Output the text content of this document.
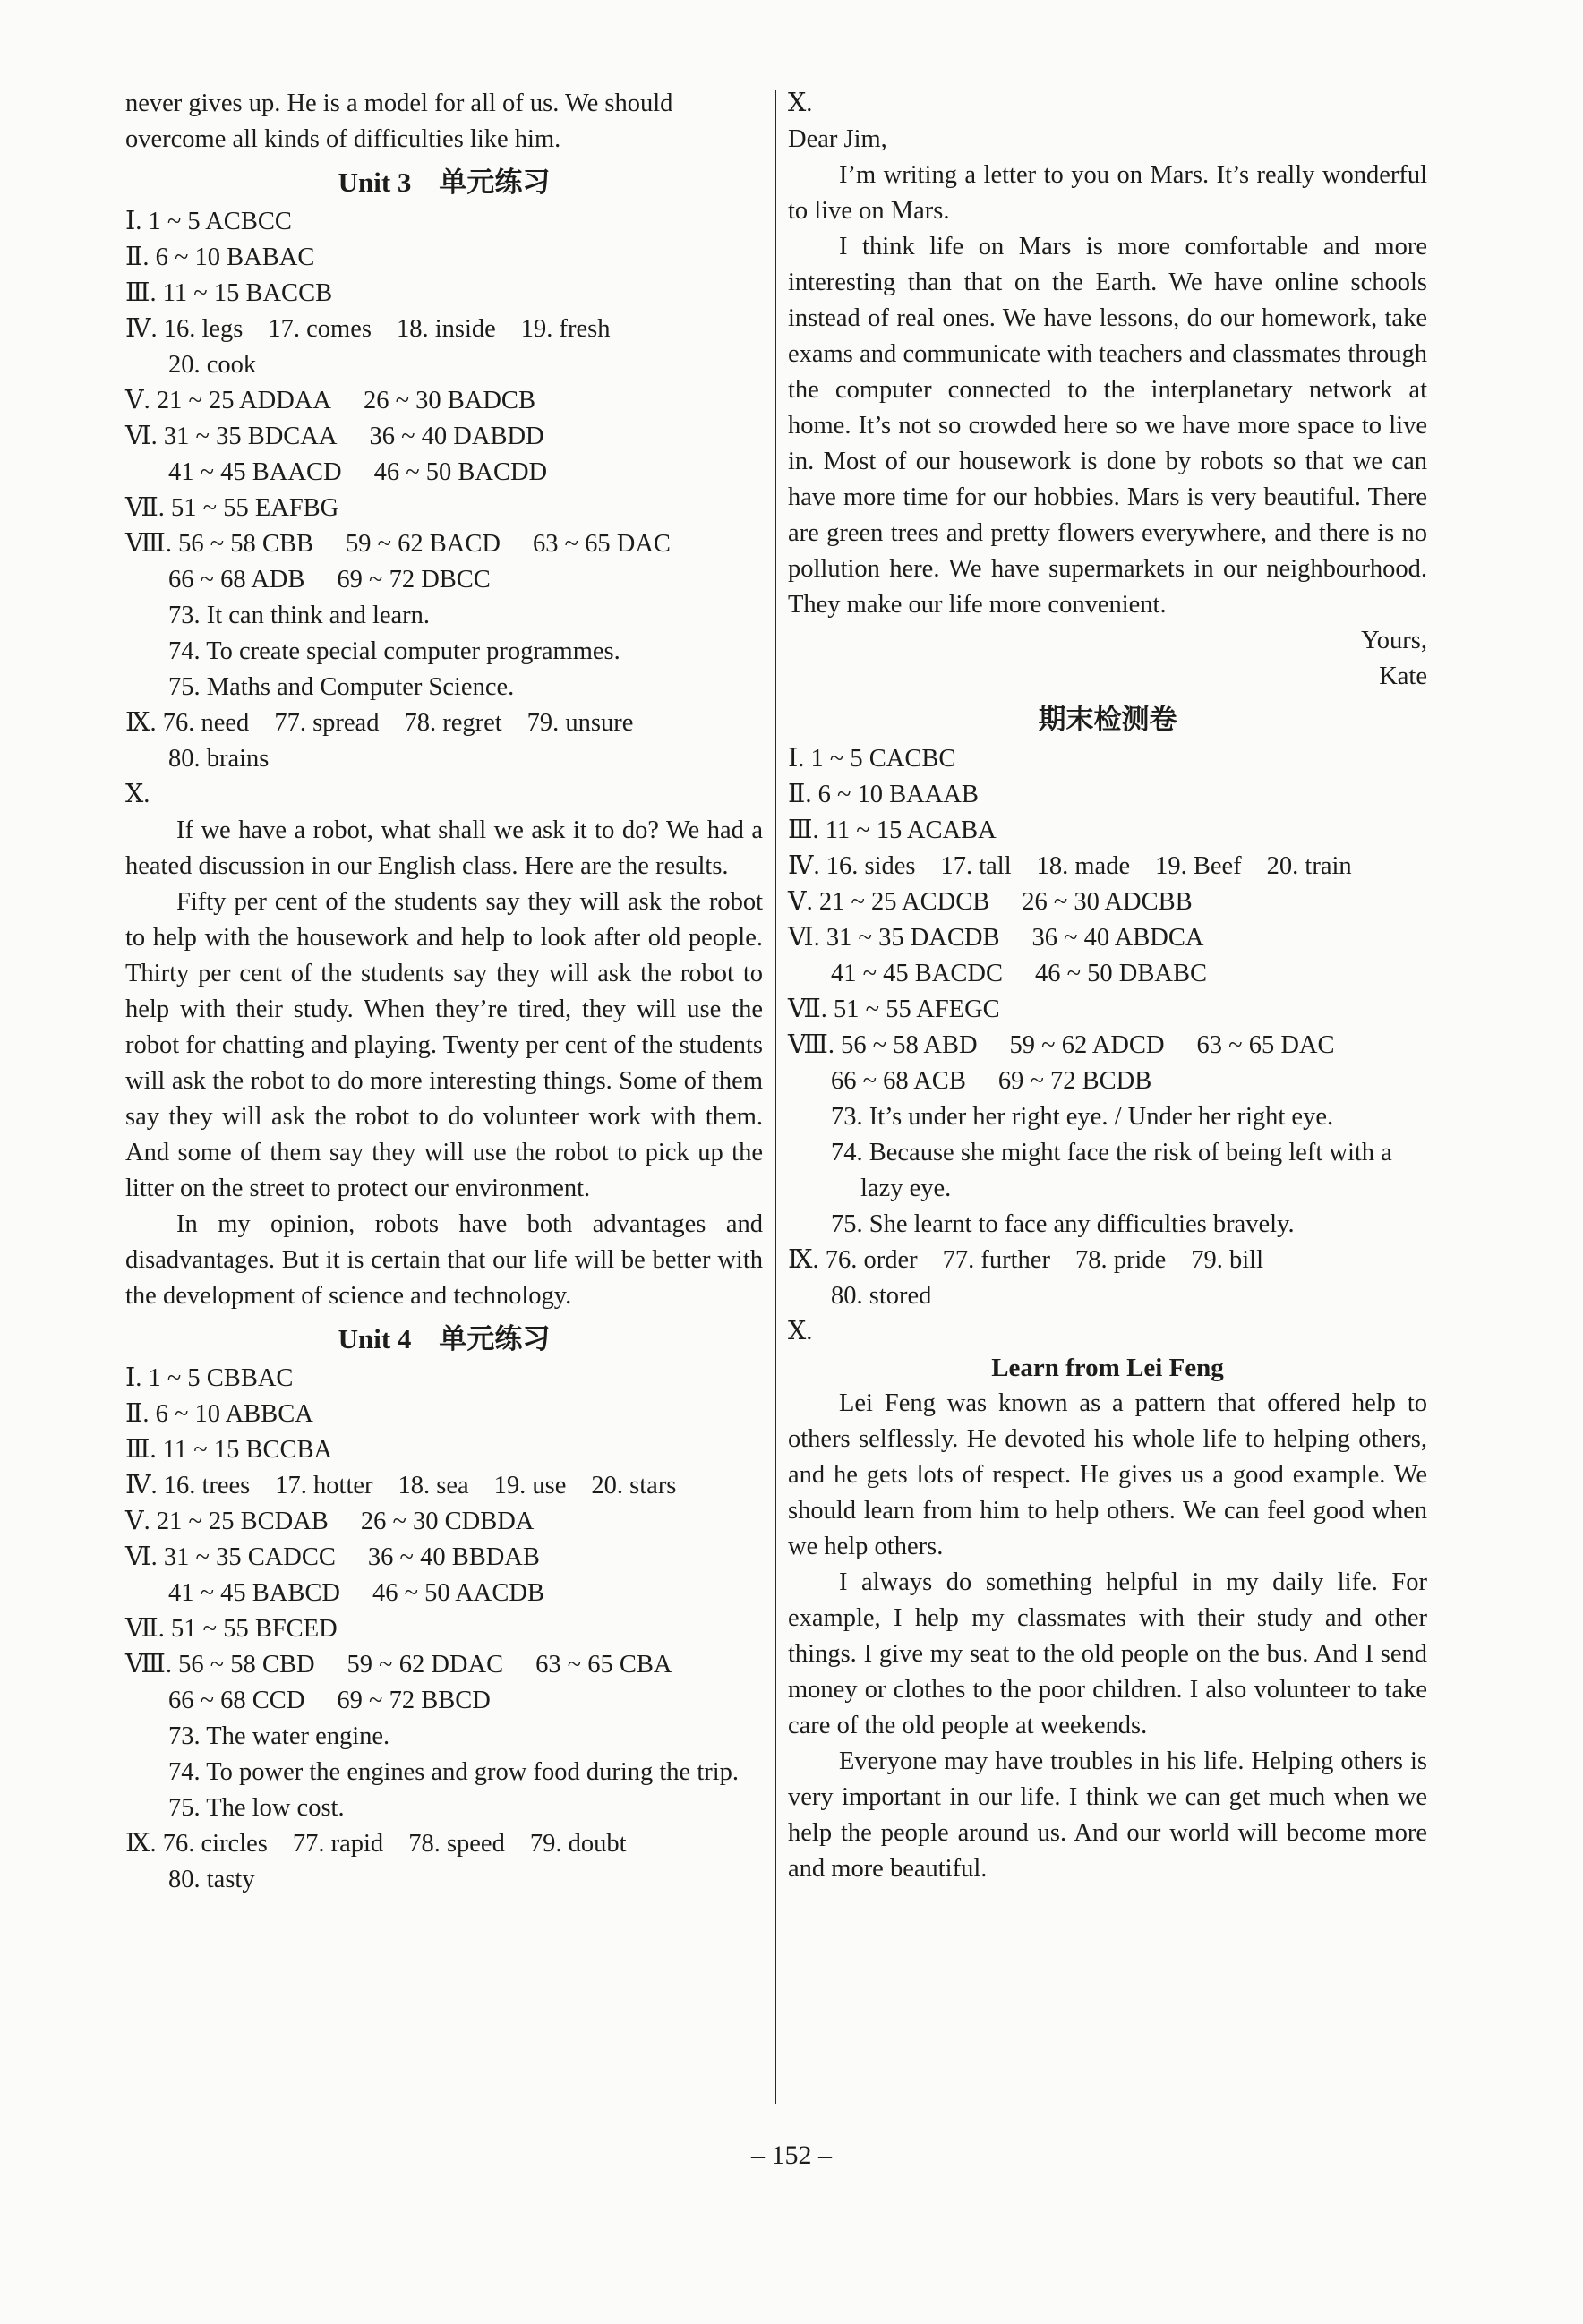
never gives up. He is a model for all of us. We should
overcome all kinds of difficulties like him.
Unit 3　单元练习
Ⅰ. 1 ~ 5 ACBCC
Ⅱ. 6 ~ 10 BABAC
Ⅲ. 11 ~ 15 BACCB
Ⅳ. 16. legs 17. comes 18. inside 19. fresh
20. cook
Ⅴ. 21 ~ 25 ADDAA 26 ~ 30 BADCB
Ⅵ. 31 ~ 35 BDCAA 36 ~ 40 DABDD
41 ~ 45 BAACD 46 ~ 50 BACDD
Ⅶ. 51 ~ 55 EAFBG
Ⅷ. 56 ~ 58 CBB 59 ~ 62 BACD 63 ~ 65 DAC
66 ~ 68 ADB 69 ~ 72 DBCC
73. It can think and learn.
74. To create special computer programmes.
75. Maths and Computer Science.
Ⅸ. 76. need 77. spread 78. regret 79. unsure
80. brains
Ⅹ.
If we have a robot, what shall we ask it to do? We had a heated discussion in our English class. Here are the results.
Fifty per cent of the students say they will ask the robot to help with the housework and help to look after old people. Thirty per cent of the students say they will ask the robot to help with their study. When they’re tired, they will use the robot for chatting and playing. Twenty per cent of the students will ask the robot to do more interesting things. Some of them say they will ask the robot to do volunteer work with them. And some of them say they will use the robot to pick up the litter on the street to protect our environment.
In my opinion, robots have both advantages and disadvantages. But it is certain that our life will be better with the development of science and technology.
Unit 4　单元练习
Ⅰ. 1 ~ 5 CBBAC
Ⅱ. 6 ~ 10 ABBCA
Ⅲ. 11 ~ 15 BCCBA
Ⅳ. 16. trees 17. hotter 18. sea 19. use 20. stars
Ⅴ. 21 ~ 25 BCDAB 26 ~ 30 CDBDA
Ⅵ. 31 ~ 35 CADCC 36 ~ 40 BBDAB
41 ~ 45 BABCD 46 ~ 50 AACDB
Ⅶ. 51 ~ 55 BFCED
Ⅷ. 56 ~ 58 CBD 59 ~ 62 DDAC 63 ~ 65 CBA
66 ~ 68 CCD 69 ~ 72 BBCD
73. The water engine.
74. To power the engines and grow food during the trip.
75. The low cost.
Ⅸ. 76. circles 77. rapid 78. speed 79. doubt
80. tasty
Ⅹ.
Dear Jim,
I’m writing a letter to you on Mars. It’s really wonderful to live on Mars.
I think life on Mars is more comfortable and more interesting than that on the Earth. We have online schools instead of real ones. We have lessons, do our homework, take exams and communicate with teachers and classmates through the computer connected to the interplanetary network at home. It’s not so crowded here so we have more space to live in. Most of our housework is done by robots so that we can have more time for our hobbies. Mars is very beautiful. There are green trees and pretty flowers everywhere, and there is no pollution here. We have supermarkets in our neighbourhood. They make our life more convenient.
Yours,
Kate
期末检测卷
Ⅰ. 1 ~ 5 CACBC
Ⅱ. 6 ~ 10 BAAAB
Ⅲ. 11 ~ 15 ACABA
Ⅳ. 16. sides 17. tall 18. made 19. Beef 20. train
Ⅴ. 21 ~ 25 ACDCB 26 ~ 30 ADCBB
Ⅵ. 31 ~ 35 DACDB 36 ~ 40 ABDCA
41 ~ 45 BACDC 46 ~ 50 DBABC
Ⅶ. 51 ~ 55 AFEGC
Ⅷ. 56 ~ 58 ABD 59 ~ 62 ADCD 63 ~ 65 DAC
66 ~ 68 ACB 69 ~ 72 BCDB
73. It’s under her right eye. / Under her right eye.
74. Because she might face the risk of being left with a lazy eye.
75. She learnt to face any difficulties bravely.
Ⅸ. 76. order 77. further 78. pride 79. bill
80. stored
Ⅹ.
Learn from Lei Feng
Lei Feng was known as a pattern that offered help to others selflessly. He devoted his whole life to helping others, and he gets lots of respect. He gives us a good example. We should learn from him to help others. We can feel good when we help others.
I always do something helpful in my daily life. For example, I help my classmates with their study and other things. I give my seat to the old people on the bus. And I send money or clothes to the poor children. I also volunteer to take care of the old people at weekends.
Everyone may have troubles in his life. Helping others is very important in our life. I think we can get much when we help the people around us. And our world will become more and more beautiful.
– 152 –
